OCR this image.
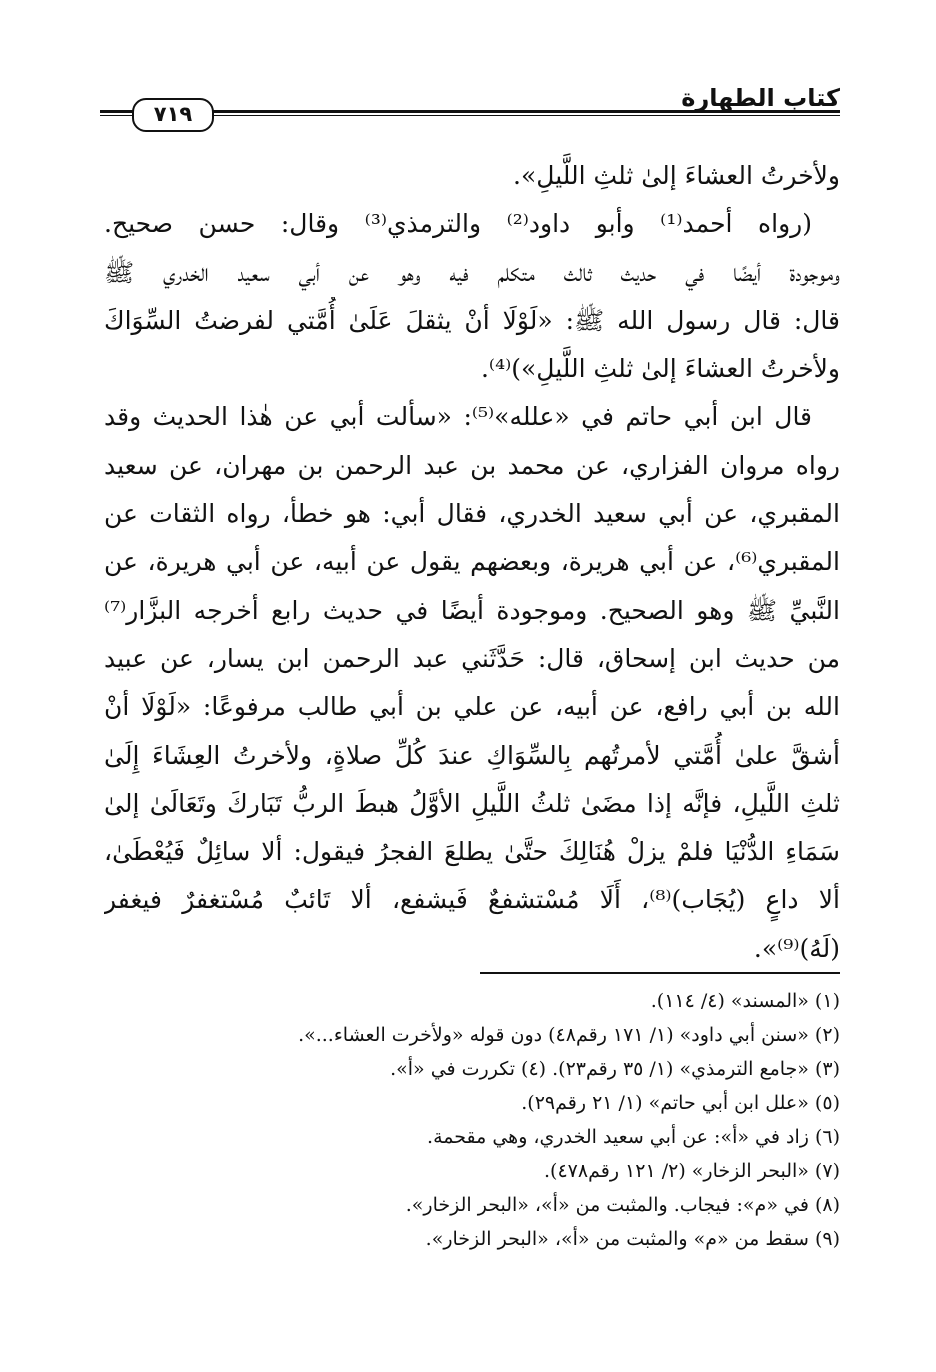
كتاب الطهارة
٧١٩
ولأخرتُ العشاءَ إلىٰ ثلثِ اللَّيلِ».
(رواه أحمد⁽¹⁾ وأبو داود⁽²⁾ والترمذي⁽³⁾ وقال: حسن صحيح.
وموجودة أيضًا في حديث ثالث متكلم فيه وهو عن أبي سعيد الخدري ﷺ
قال: قال رسول الله ﷺ: «لَوْلَا أنْ يثقلَ عَلَىٰ أُمَّتي لفرضتُ السِّوَاكَ
ولأخرتُ العشاءَ إلىٰ ثلثِ اللَّيلِ»)⁽⁴⁾.
قال ابن أبي حاتم في «علله»⁽⁵⁾: «سألت أبي عن هٰذا الحديث وقد
رواه مروان الفزاري، عن محمد بن عبد الرحمن بن مهران، عن سعيد
المقبري، عن أبي سعيد الخدري، فقال أبي: هو خطأ، رواه الثقات عن
المقبري⁽⁶⁾، عن أبي هريرة، وبعضهم يقول عن أبيه، عن أبي هريرة، عن
النَّبيِّ ﷺ وهو الصحيح. وموجودة أيضًا في حديث رابع أخرجه البزَّار⁽⁷⁾
من حديث ابن إسحاق، قال: حَدَّثَني عبد الرحمن ابن يسار، عن عبيد
الله بن أبي رافع، عن أبيه، عن علي بن أبي طالب مرفوعًا: «لَوْلَا أنْ
أشقَّ علىٰ أُمَّتي لأمرتُهم بِالسِّوَاكِ عندَ كُلِّ صلاةٍ، ولأخرتُ العِشَاءَ إِلَىٰ
ثلثِ اللَّيلِ، فإنَّه إذا مضَىٰ ثلثُ اللَّيلِ الأوَّلُ هبطَ الربُّ تَبَاركَ وتَعَالَىٰ إلىٰ
سَمَاءِ الدُّنْيَا فلمْ يزلْ هُنَالِكَ حتَّىٰ يطلعَ الفجرُ فيقول: ألا سائِلٌ فَيُعْطَىٰ،
ألا داعٍ (يُجَاب)⁽⁸⁾، أَلَا مُسْتشفعٌ فَيشفع، ألا تَائبٌ مُسْتغفرٌ فيغفر
(لَهُ)⁽⁹⁾».
(١) «المسند» (٤/ ١١٤).
(٢) «سنن أبي داود» (١/ ١٧١ رقم٤٨) دون قوله «ولأخرت العشاء...».
(٣) «جامع الترمذي» (١/ ٣٥ رقم٢٣). (٤) تكررت في «أ».
(٥) «علل ابن أبي حاتم» (١/ ٢١ رقم٢٩).
(٦) زاد في «أ»: عن أبي سعيد الخدري، وهي مقحمة.
(٧) «البحر الزخار» (٢/ ١٢١ رقم٤٧٨).
(٨) في «م»: فيجاب. والمثبت من «أ»، «البحر الزخار».
(٩) سقط من «م» والمثبت من «أ»، «البحر الزخار».
